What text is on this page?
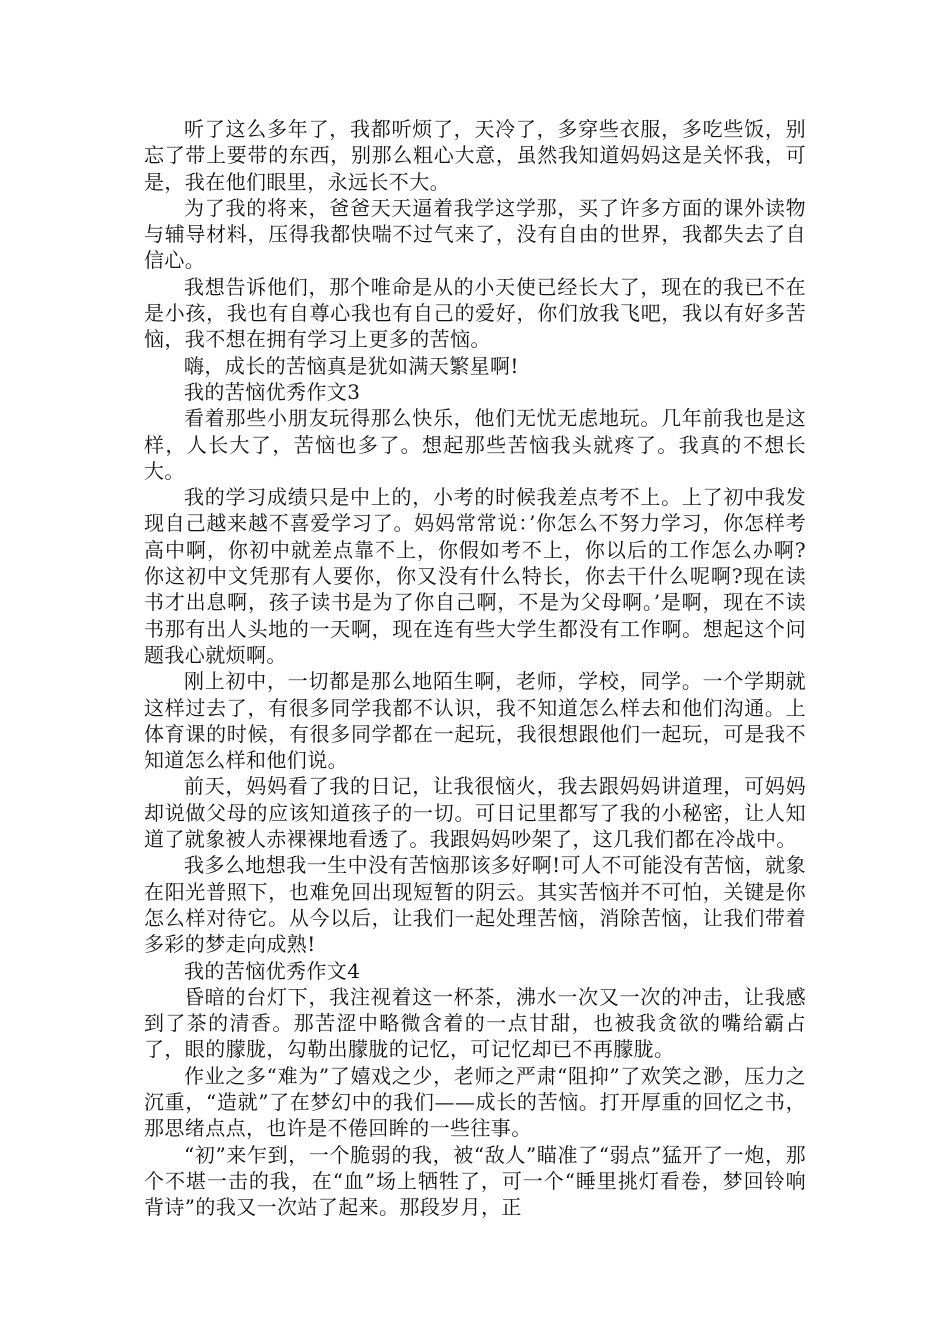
听了这么多年了，我都听烦了，天冷了，多穿些衣服，多吃些饭，别忘了带上要带的东西，别那么粗心大意，虽然我知道妈妈这是关怀我，可是，我在他们眼里，永远长不大。

为了我的将来，爸爸天天逼着我学这学那，买了许多方面的课外读物与辅导材料，压得我都快喘不过气来了，没有自由的世界，我都失去了自信心。

我想告诉他们，那个唯命是从的小天使已经长大了，现在的我已不在是小孩，我也有自尊心我也有自己的爱好，你们放我飞吧，我以有好多苦恼，我不想在拥有学习上更多的苦恼。

嗨，成长的苦恼真是犹如满天繁星啊!

我的苦恼优秀作文3

看着那些小朋友玩得那么快乐，他们无忧无虑地玩。几年前我也是这样，人长大了，苦恼也多了。想起那些苦恼我头就疼了。我真的不想长大。

我的学习成绩只是中上的，小考的时候我差点考不上。上了初中我发现自己越来越不喜爱学习了。妈妈常常说：’你怎么不努力学习，你怎样考高中啊，你初中就差点靠不上，你假如考不上，你以后的工作怎么办啊?你这初中文凭那有人要你，你又没有什么特长，你去干什么呢啊?现在读书才出息啊，孩子读书是为了你自己啊，不是为父母啊。’是啊，现在不读书那有出人头地的一天啊，现在连有些大学生都没有工作啊。想起这个问题我心就烦啊。

刚上初中，一切都是那么地陌生啊，老师，学校，同学。一个学期就这样过去了，有很多同学我都不认识，我不知道怎么样去和他们沟通。上体育课的时候，有很多同学都在一起玩，我很想跟他们一起玩，可是我不知道怎么样和他们说。

前天，妈妈看了我的日记，让我很恼火，我去跟妈妈讲道理，可妈妈却说做父母的应该知道孩子的一切。可日记里都写了我的小秘密，让人知道了就象被人赤裸裸地看透了。我跟妈妈吵架了，这几我们都在冷战中。

我多么地想我一生中没有苦恼那该多好啊!可人不可能没有苦恼，就象在阳光普照下，也难免回出现短暂的阴云。其实苦恼并不可怕，关键是你怎么样对待它。从今以后，让我们一起处理苦恼，消除苦恼，让我们带着多彩的梦走向成熟!

我的苦恼优秀作文4

昏暗的台灯下，我注视着这一杯茶，沸水一次又一次的冲击，让我感到了茶的清香。那苦涩中略微含着的一点甘甜，也被我贪欲的嘴给霸占了，眼的朦胧，勾勒出朦胧的记忆，可记忆却已不再朦胧。

作业之多“难为”了嬉戏之少，老师之严肃“阻抑”了欢笑之渺，压力之沉重，“造就”了在梦幻中的我们——成长的苦恼。打开厚重的回忆之书，那思绪点点，也许是不倦回眸的一些往事。

“初”来乍到，一个脆弱的我，被“敌人”瞄准了“弱点”猛开了一炮，那个不堪一击的我，在“血”场上牺牲了，可一个“睡里挑灯看卷，梦回铃响背诗”的我又一次站了起来。那段岁月，正
